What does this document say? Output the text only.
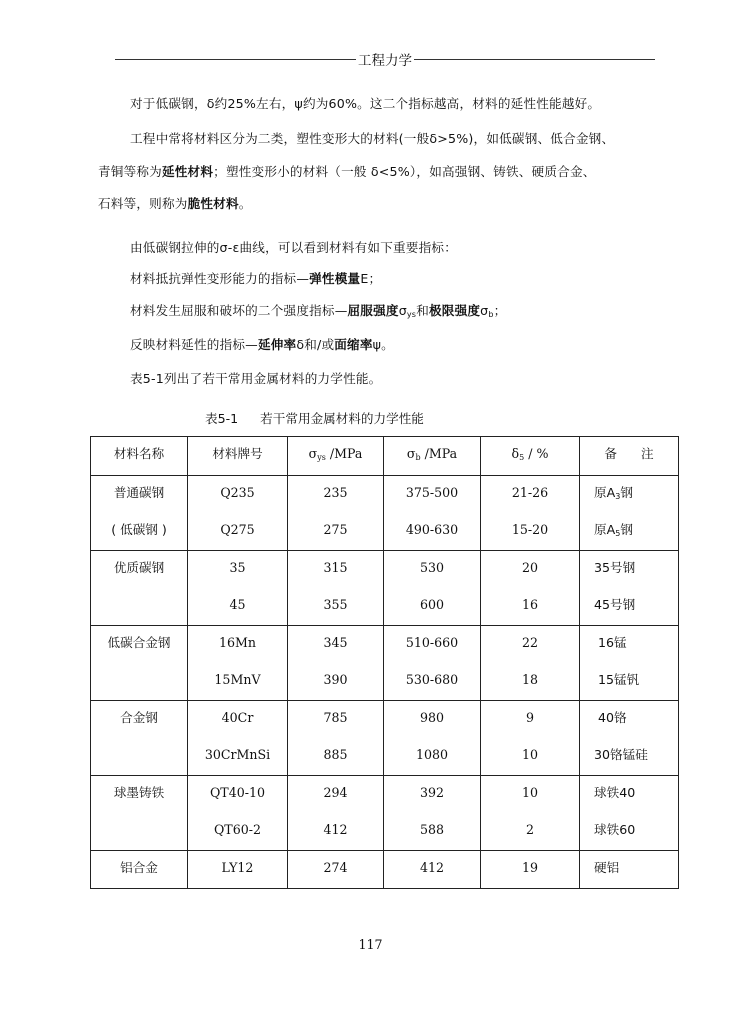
工程力学
对于低碳钢，δ约25%左右，ψ约为60%。这二个指标越高，材料的延性性能越好。
工程中常将材料区分为二类，塑性变形大的材料(一般δ>5%)，如低碳钢、低合金钢、
青铜等称为延性材料；塑性变形小的材料（一般 δ<5%），如高强钢、铸铁、硬质合金、
石料等，则称为脆性材料。
由低碳钢拉伸的σ-ε曲线，可以看到材料有如下重要指标：
材料抵抗弹性变形能力的指标—弹性模量E；
材料发生屈服和破坏的二个强度指标—屈服强度$\sigma_{ys}$和极限强度$\sigma_b$；
反映材料延性的指标—延伸率δ和/或面缩率ψ。
表5-1列出了若干常用金属材料的力学性能。
表5-1 若干常用金属材料的力学性能
材料名称	材料牌号	$\sigma_{ys}$ /MPa	$\sigma_b$ /MPa	$\delta_5$ / %	备      注
普通碳钢	Q235	235	375-500	21-26	原$A_3$钢
( 低碳钢 )	Q275	275	490-630	15-20	原$A_5$钢
优质碳钢	35	315	530	20	35号钢
	45	355	600	16	45号钢
低碳合金钢	16Mn	345	510-660	22	16锰
	15MnV	390	530-680	18	15锰钒
合金钢	40Cr	785	980	9	40铬
	30CrMnSi	885	1080	10	30铬锰硅
球墨铸铁	QT40-10	294	392	10	球铁40
	QT60-2	412	588	2	球铁60
铝合金	LY12	274	412	19	硬铝
117
